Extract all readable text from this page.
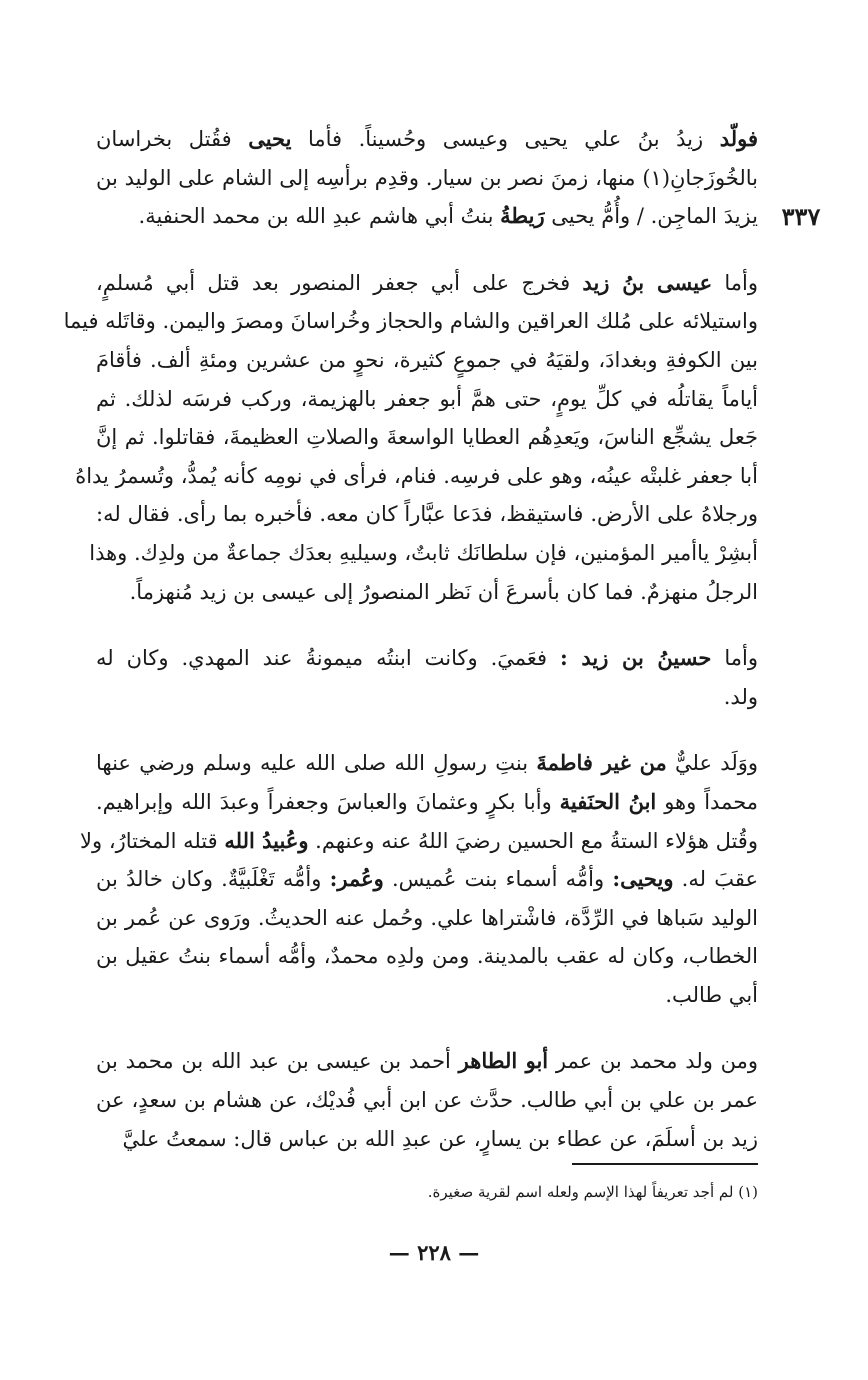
٣٣٧

فولّد زيدُ بنُ علي يحيى وعيسى وحُسيناً. فأما يحيى فقُتل بخراسان
بالخُوزَجانِ(١) منها، زمنَ نصر بن سيار. وقدِم برأسِه إلى الشام على الوليد بن
يزيدَ الماجِن. / وأُمُّ يحيى رَيطةُ بنتُ أبي هاشم عبدِ الله بن محمد الحنفية.

وأما عيسى بنُ زيد فخرج على أبي جعفر المنصور بعد قتل أبي مُسلمٍ،
واستيلائه على مُلك العراقين والشام والحجاز وخُراسانَ ومصرَ واليمن. وقاتَله فيما
بين الكوفةِ وبغدادَ، ولقيَهُ في جموعٍ كثيرة، نحوٍ من عشرين ومئةِ ألف. فأقامَ
أياماً يقاتلُه في كلِّ يومٍ، حتى همَّ أبو جعفر بالهزيمة، وركب فرسَه لذلك. ثم
جَعل يشجِّع الناسَ، ويَعدِهُم العطايا الواسعةَ والصلاتِ العظيمةَ، فقاتلوا. ثم إنَّ
أبا جعفر غلبتْه عينُه، وهو على فرسِه. فنام، فرأى في نومِه كأنه يُمدُّ، وتُسمرُ يداهُ
ورجلاهُ على الأرض. فاستيقظ، فدَعا عبَّاراً كان معه. فأخبره بما رأى. فقال له:
أبشِرْ ياأمير المؤمنين، فإن سلطانَك ثابتٌ، وسيليهِ بعدَك جماعةٌ من ولدِك. وهذا
الرجلُ منهزمٌ. فما كان بأسرعَ أن نَظر المنصورُ إلى عيسى بن زيد مُنهزماً.

وأما حسينُ بن زيد : فعَميَ. وكانت ابنتُه ميمونةُ عند المهدي. وكان له
ولد.

ووَلَد عليٌّ من غير فاطمةَ بنتِ رسولِ الله صلى الله عليه وسلم ورضي عنها
محمداً وهو ابنُ الحنَفية وأبا بكرٍ وعثمانَ والعباسَ وجعفراً وعبدَ الله وإبراهيم.
وقُتل هؤلاء الستةُ مع الحسين رضيَ اللهُ عنه وعنهم. وعُبيدُ الله قتله المختارُ، ولا
عقبَ له. ويحيى: وأمُّه أسماء بنت عُميس. وعُمر: وأمُّه تَغْلَبيَّةٌ. وكان خالدُ بن
الوليد سَباها في الرِّدَّة، فاشْتراها علي. وحُمل عنه الحديثُ. ورَوى عن عُمر بن
الخطاب، وكان له عقب بالمدينة. ومن ولدِه محمدٌ، وأمُّه أسماء بنتُ عقيل بن
أبي طالب.

ومن ولد محمد بن عمر أبو الطاهر أحمد بن عيسى بن عبد الله بن محمد بن
عمر بن علي بن أبي طالب. حدَّث عن ابن أبي فُديْك، عن هشام بن سعدٍ، عن
زيد بن أسلَمَ، عن عطاء بن يسارٍ، عن عبدِ الله بن عباس قال: سمعتُ عليَّ

(١) لم أجد تعريفاً لهذا الإسم ولعله اسم لقرية صغيرة.
— ٢٢٨ —
